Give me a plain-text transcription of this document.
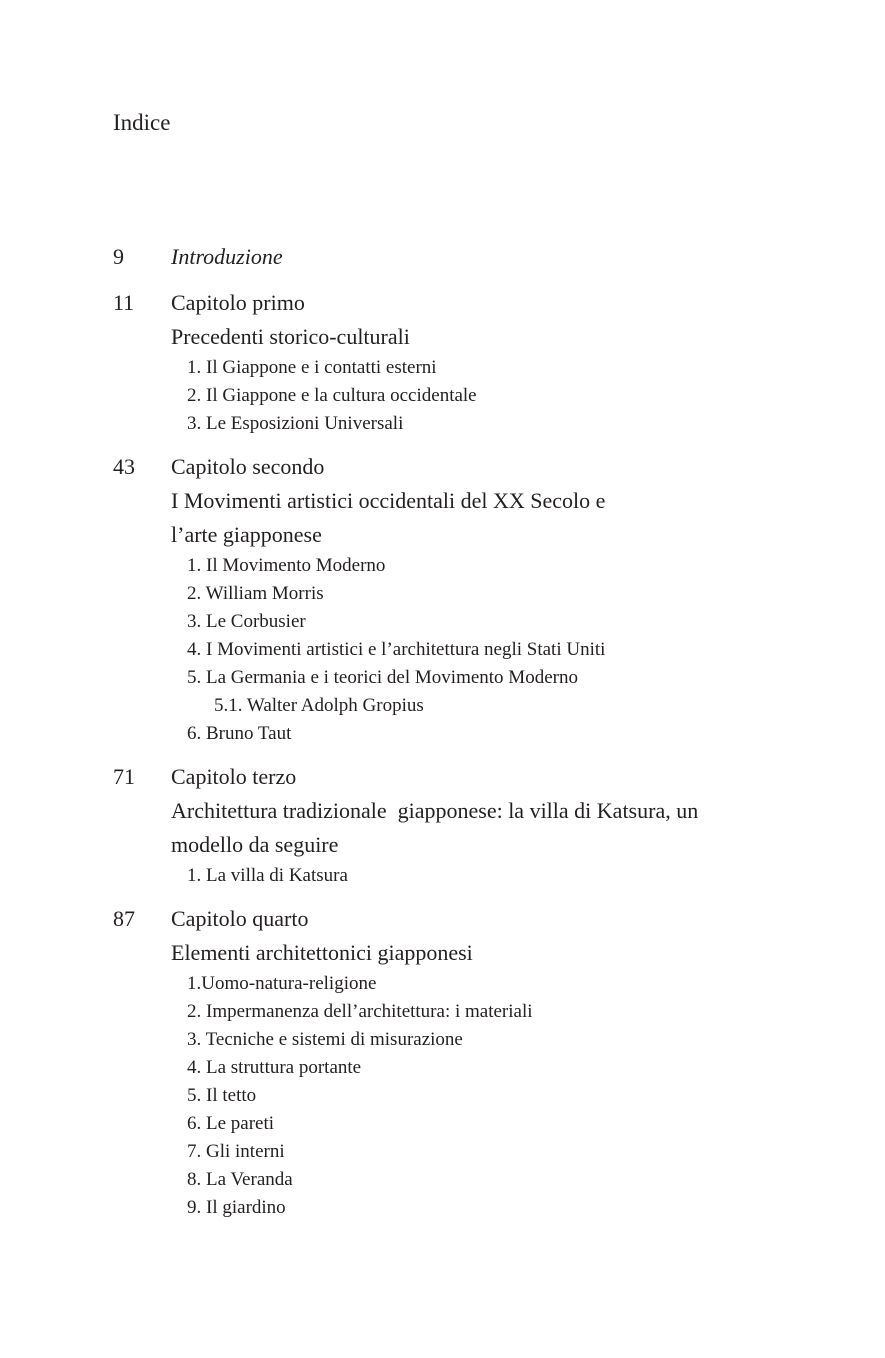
Indice
9 Introduzione
11 Capitolo primo
Precedenti storico-culturali
1. Il Giappone e i contatti esterni
2. Il Giappone e la cultura occidentale
3. Le Esposizioni Universali
43 Capitolo secondo
I Movimenti artistici occidentali del XX Secolo e
l’arte giapponese
1. Il Movimento Moderno
2. William Morris
3. Le Corbusier
4. I Movimenti artistici e l’architettura negli Stati Uniti
5. La Germania e i teorici del Movimento Moderno
5.1. Walter Adolph Gropius
6. Bruno Taut
71 Capitolo terzo
Architettura tradizionale  giapponese: la villa di Katsura, un
modello da seguire
1. La villa di Katsura
87 Capitolo quarto
Elementi architettonici giapponesi
1.Uomo-natura-religione
2. Impermanenza dell’architettura: i materiali
3. Tecniche e sistemi di misurazione
4. La struttura portante
5. Il tetto
6. Le pareti
7. Gli interni
8. La Veranda
9. Il giardino
